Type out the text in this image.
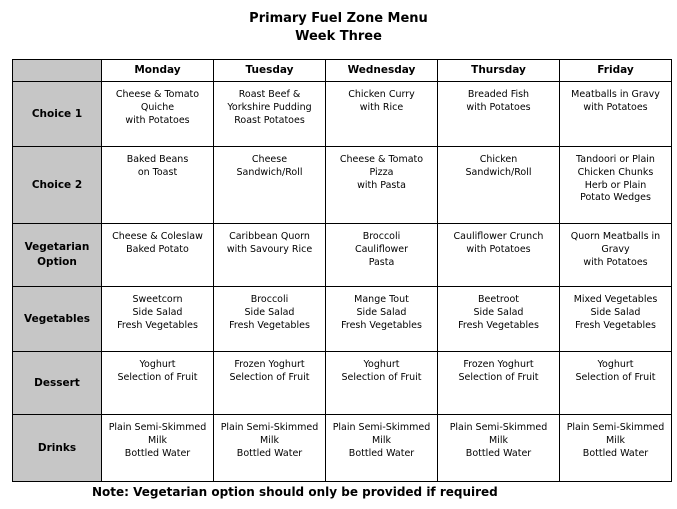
Primary Fuel Zone Menu
Week Three
	Monday	Tuesday	Wednesday	Thursday	Friday

Choice 1	Cheese & Tomato
Quiche
with Potatoes	Roast Beef &
Yorkshire Pudding
Roast Potatoes	Chicken Curry
with Rice	Breaded Fish
with Potatoes	Meatballs in Gravy
with Potatoes

Choice 2	Baked Beans
on Toast	Cheese
Sandwich/Roll	Cheese & Tomato
Pizza
with Pasta	Chicken
Sandwich/Roll	Tandoori or Plain
Chicken Chunks
Herb or Plain
Potato Wedges

Vegetarian
Option	Cheese & Coleslaw
Baked Potato	Caribbean Quorn
with Savoury Rice	Broccoli
Cauliflower
Pasta	Cauliflower Crunch
with Potatoes	Quorn Meatballs in
Gravy
with Potatoes

Vegetables	Sweetcorn
Side Salad
Fresh Vegetables	Broccoli
Side Salad
Fresh Vegetables	Mange Tout
Side Salad
Fresh Vegetables	Beetroot
Side Salad
Fresh Vegetables	Mixed Vegetables
Side Salad
Fresh Vegetables

Dessert	Yoghurt
Selection of Fruit	Frozen Yoghurt
Selection of Fruit	Yoghurt
Selection of Fruit	Frozen Yoghurt
Selection of Fruit	Yoghurt
Selection of Fruit

Drinks	Plain Semi-Skimmed
Milk
Bottled Water	Plain Semi-Skimmed
Milk
Bottled Water	Plain Semi-Skimmed
Milk
Bottled Water	Plain Semi-Skimmed
Milk
Bottled Water	Plain Semi-Skimmed
Milk
Bottled Water
Note: Vegetarian option should only be provided if required
